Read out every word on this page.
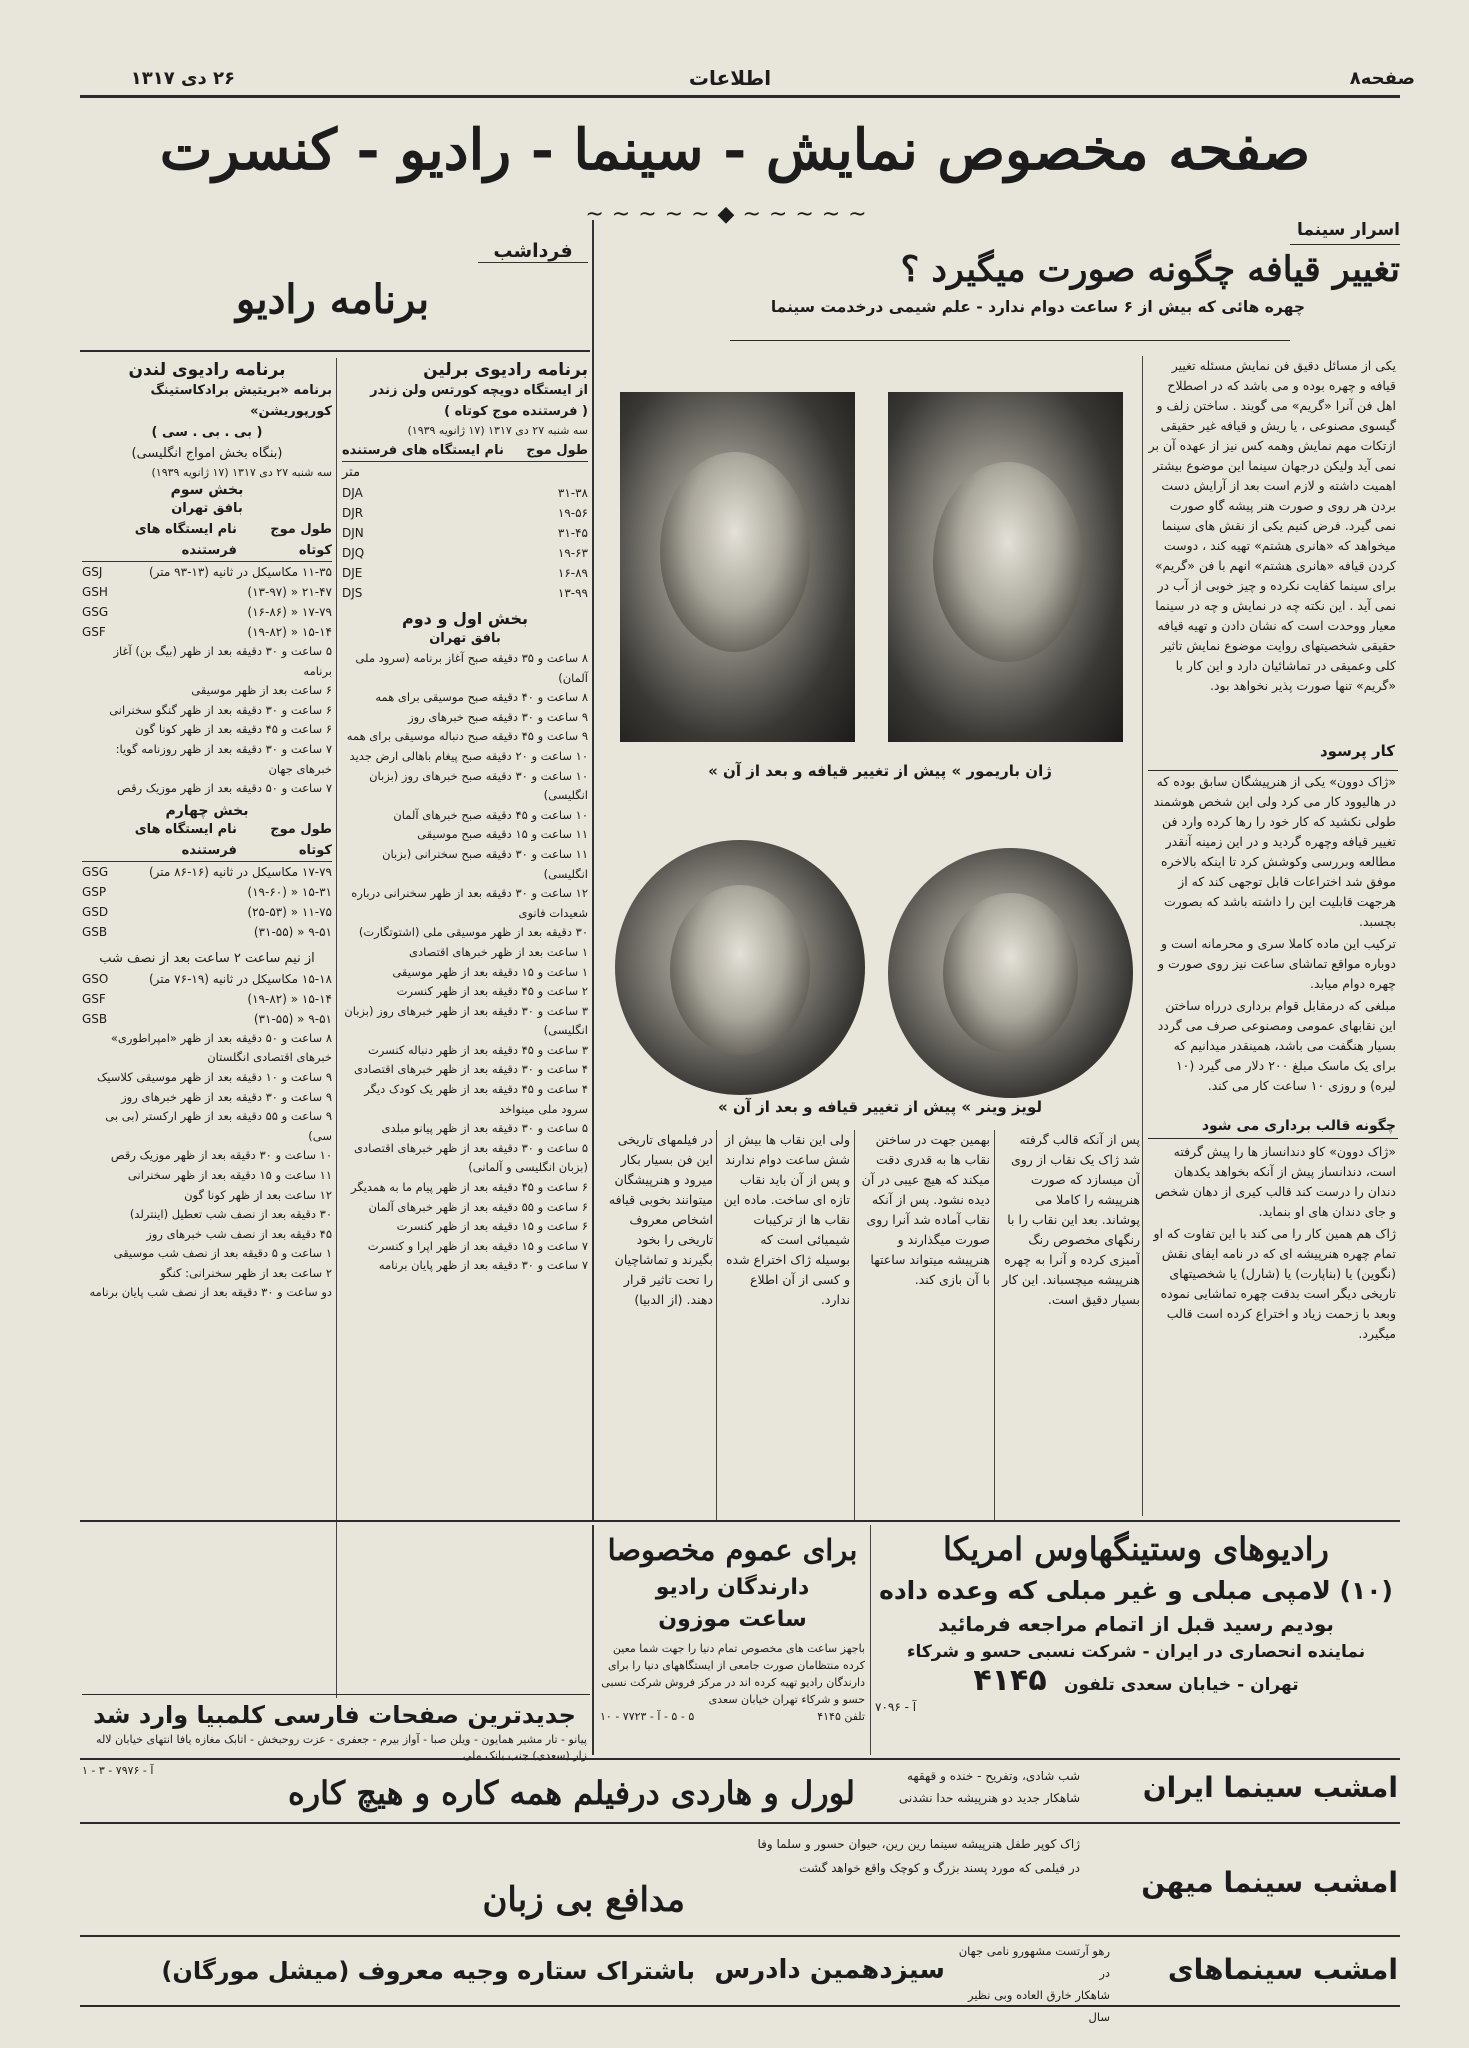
صفحه۸
اطلاعات
۲۶ دی ۱۳۱۷
صفحه مخصوص نمایش - سینما - رادیو - کنسرت
~~~~~◆~~~~~
اسرار سینما
تغییر قیافه چگونه صورت میگیرد ؟
چهره هائی که بیش از ۶ ساعت دوام ندارد - علم شیمی درخدمت سینما
یکی از مسائل دقیق فن نمایش مسئله تغییر قیافه و چهره بوده و می باشد که در اصطلاح اهل فن آنرا «گریم» می گویند . ساختن زلف و گیسوی مصنوعی ، یا ریش و قیافه غیر حقیقی ازتکات مهم نمایش وهمه کس نیز از عهده آن بر نمی آید ولیکن درجهان سینما این موضوع بیشتر اهمیت داشته و لازم است بعد از آرایش دست بردن هر روی و صورت هنر پیشه گاو صورت نمی گیرد. فرض کنیم یکی از نقش های سینما میخواهد که «هانری هشتم» تهیه کند ، دوست کردن قیافه «هانری هشتم» انهم با فن «گریم» برای سینما کفایت نکرده و چیز خوبی از آب در نمی آید . این نکته چه در نمایش و چه در سینما معیار ووحدت است که نشان دادن و تهیه قیافه حقیقی شخصیتهای روایت موضوع نمایش تاثیر کلی وعمیقی در تماشائیان دارد و این کار با «گریم» تنها صورت پذیر نخواهد بود.
کار پرسود

«ژاک دوون» یکی از هنرپیشگان سابق بوده که در هالیوود کار می کرد ولی این شخص هوشمند طولی نکشید که کار خود را رها کرده وارد فن تغییر قیافه وچهره گردید و در این زمینه آنقدر مطالعه وبررسی وکوشش کرد تا اینکه بالاخره موفق شد اختراعات قابل توجهی کند که از هرجهت قابلیت این را داشته باشد که بصورت بچسبد.

ترکیب این ماده کاملا سری و محرمانه است و دوباره مواقع تماشای ساعت نیز روی صورت و چهره دوام میابد.

مبلغی که درمقابل قوام برداری درراه ساختن این نقابهای عمومی ومصنوعی صرف می گردد بسیار هنگفت می باشد، همینقدر میدانیم که برای یک ماسک مبلغ ۲۰۰ دلار می گیرد (۱۰ لیره) و روزی ۱۰ ساعت کار می کند.

چگونه قالب برداری می شود

«ژاک دوون» کاو دندانساز ها را پیش گرفته است، دندانساز پیش از آنکه بخواهد یکدهان دندان را درست کند قالب کیری از دهان شخص و جای دندان های او بنماید.

ژاک هم همین کار را می کند با این تفاوت که او تمام چهره هنرپیشه ای که در نامه ایفای نقش (نگوین) یا (بناپارت) یا (شارل) یا شخصیتهای تاریخی دیگر است بدقت چهره تماشایی نموده وبعد با زحمت زیاد و اختراع کرده است قالب میگیرد.

« ژان باریمور » پیش از تغییر قیافه و بعد از آن
« لویز وینر » پیش از تغییر قیافه و بعد از آن
پس از آنکه قالب گرفته شد ژاک یک نقاب از روی آن میسازد که صورت هنرپیشه را کاملا می پوشاند. بعد این نقاب را با رنگهای مخصوص رنگ آمیزی کرده و آنرا به چهره هنرپیشه میچسباند. این کار بسیار دقیق است.
بهمین جهت در ساختن نقاب ها به قدری دقت میکند که هیچ عیبی در آن دیده نشود. پس از آنکه نقاب آماده شد آنرا روی صورت میگذارند و هنرپیشه میتواند ساعتها با آن بازی کند.
ولی این نقاب ها بیش از شش ساعت دوام ندارند و پس از آن باید نقاب تازه ای ساخت. ماده این نقاب ها از ترکیبات شیمیائی است که بوسیله ژاک اختراع شده و کسی از آن اطلاع ندارد.
در فیلمهای تاریخی این فن بسیار بکار میرود و هنرپیشگان میتوانند بخوبی قیافه اشخاص معروف تاریخی را بخود بگیرند و تماشاچیان را تحت تاثیر قرار دهند. (از الدبیا)
فرداشب
برنامه رادیو
برنامه رادیوی برلین
از ایستگاه دویچه کورتس ولن زندر
( فرستنده موج کوتاه )
سه شنبه ۲۷ دی ۱۳۱۷ (۱۷ ژانویه ۱۹۳۹)
نام ایستگاه های فرستنده طول موج
متر
DJA	۳۱-۳۸
DJR	۱۹-۵۶
DJN	۳۱-۴۵
DJQ	۱۹-۶۳
DJE	۱۶-۸۹
DJS	۱۳-۹۹
بخش اول و دوم
بافق تهران
۸ ساعت و ۳۵ دقیقه صبح آغاز برنامه (سرود ملی آلمان)
۸ ساعت و ۴۰ دقیقه صبح موسیقی برای همه
۹ ساعت و ۳۰ دقیقه صبح خبرهای روز
۹ ساعت و ۴۵ دقیقه صبح دنباله موسیقی برای همه
۱۰ ساعت و ۲۰ دقیقه صبح پیغام باهالی ارض جدید
۱۰ ساعت و ۳۰ دقیقه صبح خبرهای روز (بزبان انگلیسی)
۱۰ ساعت و ۴۵ دقیقه صبح خبرهای آلمان
۱۱ ساعت و ۱۵ دقیقه صبح موسیقی
۱۱ ساعت و ۳۰ دقیقه صبح سخنرانی (بزبان انگلیسی)
۱۲ ساعت و ۳۰ دقیقه بعد از ظهر سخنرانی درباره شعیدات فانوی
۳۰ دقیقه بعد از ظهر موسیقی ملی (اشتوتگارت)
۱ ساعت بعد از ظهر خبرهای اقتصادی
۱ ساعت و ۱۵ دقیقه بعد از ظهر موسیقی
۲ ساعت و ۴۵ دقیقه بعد از ظهر کنسرت
۳ ساعت و ۳۰ دقیقه بعد از ظهر خبرهای روز (بزبان انگلیسی)
۳ ساعت و ۴۵ دقیقه بعد از ظهر دنباله کنسرت
۴ ساعت و ۳۰ دقیقه بعد از ظهر خبرهای اقتصادی
۴ ساعت و ۴۵ دقیقه بعد از ظهر یک کودک دیگر سرود ملی مینواخد
۵ ساعت و ۳۰ دقیقه بعد از ظهر پیانو مبلدی
۵ ساعت و ۳۰ دقیقه بعد از ظهر خبرهای اقتصادی (بزبان انگلیسی و آلمانی)
۶ ساعت و ۴۵ دقیقه بعد از ظهر پیام ما به همدیگر
۶ ساعت و ۵۵ دقیقه بعد از ظهر خبرهای آلمان
۶ ساعت و ۱۵ دقیقه بعد از ظهر کنسرت
۷ ساعت و ۱۵ دقیقه بعد از ظهر اپرا و کنسرت
۷ ساعت و ۳۰ دقیقه بعد از ظهر پایان برنامه
برنامه رادیوی لندن
برنامه «بریتیش برادکاستینگ کورپوریشن»
( بی . بی . سی )
(بنگاه بخش امواج انگلیسی)
سه شنبه ۲۷ دی ۱۳۱۷ (۱۷ ژانویه ۱۹۳۹)
بخش سوم
بافق تهران
نام ایستگاه های فرستنده
طول موج کوتاه
GSJ	۱۱-۳۵ مکاسیکل در ثانیه (۱۳-۹۳ متر)
GSH	۲۱-۴۷ « (۱۳-۹۷)
GSG	۱۷-۷۹ « (۱۶-۸۶)
GSF	۱۵-۱۴ « (۱۹-۸۲)
۵ ساعت و ۳۰ دقیقه بعد از ظهر (بیگ بن) آغاز برنامه
۶ ساعت بعد از ظهر موسیقی
۶ ساعت و ۳۰ دقیقه بعد از ظهر گنگو سخنرانی
۶ ساعت و ۴۵ دقیقه بعد از ظهر کونا گون
۷ ساعت و ۳۰ دقیقه بعد از ظهر روزنامه گویا: خبرهای جهان
۷ ساعت و ۵۰ دقیقه بعد از ظهر موزیک رقص
بخش چهارم
نام ایستگاه های فرستنده
طول موج کوتاه
GSG	۱۷-۷۹ مکاسیکل در ثانیه (۱۶-۸۶ متر)
GSP	۱۵-۳۱ « (۱۹-۶۰)
GSD	۱۱-۷۵ « (۲۵-۵۳)
GSB	۹-۵۱ « (۳۱-۵۵)
از نیم ساعت ۲ ساعت بعد از نصف شب
GSO	۱۵-۱۸ مکاسیکل در ثانیه (۱۹-۷۶ متر)
GSF	۱۵-۱۴ « (۱۹-۸۲)
GSB	۹-۵۱ « (۳۱-۵۵)
۸ ساعت و ۵۰ دقیقه بعد از ظهر «امپراطوری» خبرهای اقتصادی انگلستان
۹ ساعت و ۱۰ دقیقه بعد از ظهر موسیقی کلاسیک
۹ ساعت و ۳۰ دقیقه بعد از ظهر خبرهای روز
۹ ساعت و ۵۵ دقیقه بعد از ظهر ارکستر (بی بی سی)
۱۰ ساعت و ۳۰ دقیقه بعد از ظهر موزیک رقص
۱۱ ساعت و ۱۵ دقیقه بعد از ظهر سخنرانی
۱۲ ساعت بعد از ظهر کونا گون
۳۰ دقیقه بعد از نصف شب تعطیل (اینترلد)
۴۵ دقیقه بعد از نصف شب خبرهای روز
۱ ساعت و ۵ دقیقه بعد از نصف شب موسیقی
۲ ساعت بعد از ظهر سخنرانی: کنگو
دو ساعت و ۳۰ دقیقه بعد از نصف شب پایان برنامه
رادیوهای وستینگهاوس امریکا
(۱۰) لامپی مبلی و غیر مبلی که وعده داده
بودیم رسید قبل از اتمام مراجعه فرمائید
نماینده انحصاری در ایران - شرکت نسبی حسو و شرکاء
تهران - خیابان سعدی تلفون ۴۱۴۵
آ - ۷۰۹۶
برای عموم مخصوصا
دارندگان رادیو
ساعت موزون
باجهز ساعت های مخصوص تمام دنیا را جهت شما معین کرده منتظامان صورت جامعی از ایستگاههای دنیا را برای دارندگان رادیو تهیه کرده اند در مرکز فروش شرکت نسبی حسو و شرکاء تهران خیابان سعدی
تلفن ۴۱۴۵
۵ - ۵ - آ - ۷۷۲۳ - ۱۰
جدیدترین صفحات فارسی کلمبیا وارد شد
پیانو - تار مشیر همایون - ویلن صبا - آواز بیرم - جعفری - عزت روحبخش - اتابک مغازه یافا انتهای خیابان لاله زار (سعدی) جنب بانک ملی
آ - ۷۹۷۶ - ۳ - ۱
امشب سینما ایران
شب شادی، وتفریح - خنده و قهقهه
شاهکار جدید دو هنرپیشه حدا نشدنی
لورل و هاردی درفیلم همه کاره و هیچ کاره
امشب سینما میهن
ژاک کوپر طفل هنرپیشه سینما رین رین، حیوان حسور و سلما وفا
در فیلمی که مورد پسند بزرگ و کوچک واقع خواهد گشت
مدافع بی زبان
امشب سینماهای
رهو آرتست مشهورو نامی جهان در
شاهکار خارق العاده وبی نظیر سال
سیزدهمین دادرس
باشتراک ستاره وجیه معروف (میشل مورگان)
